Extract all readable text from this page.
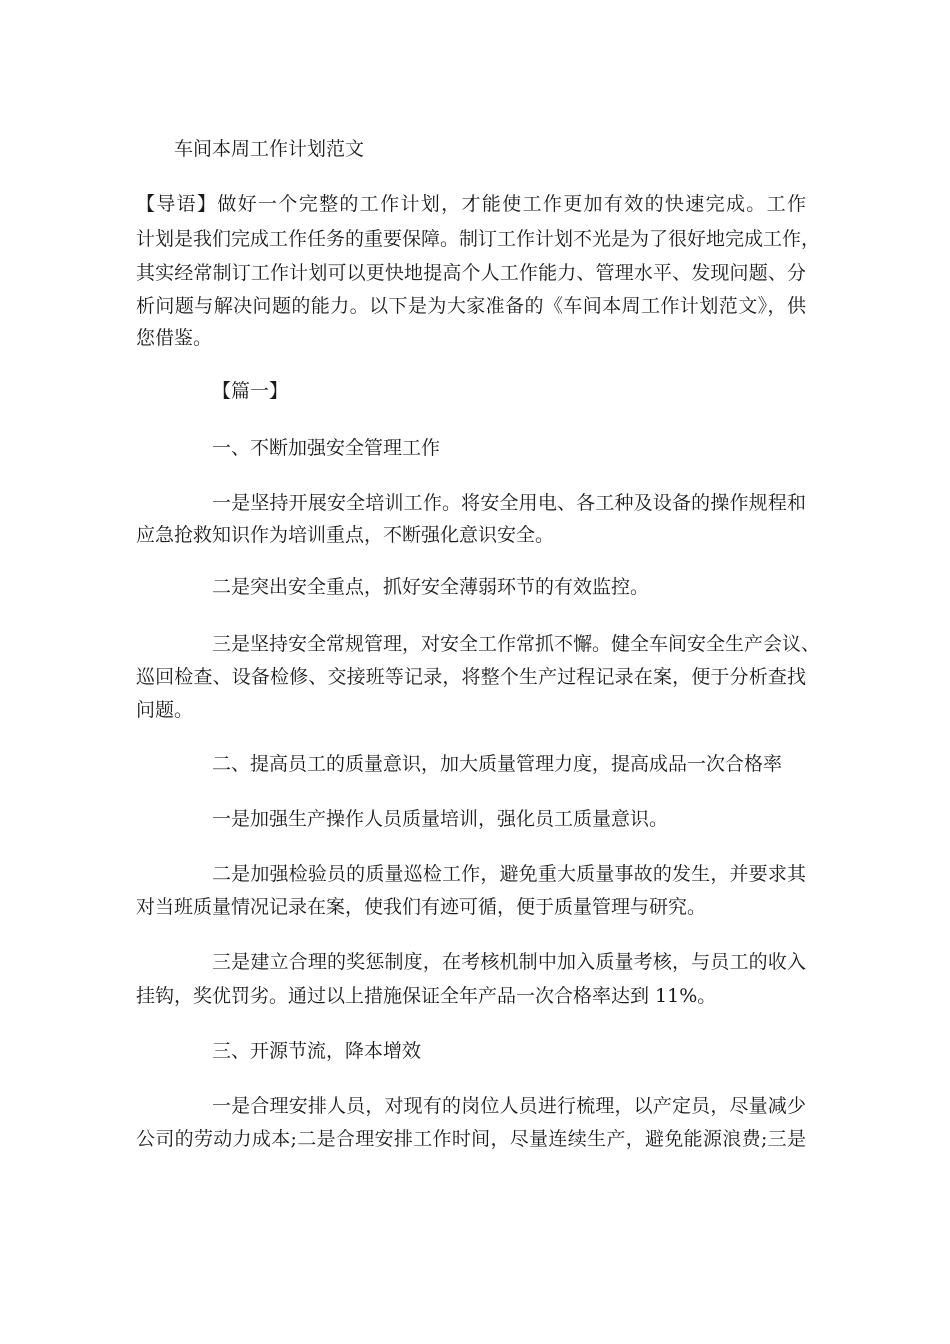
车间本周工作计划范文
【导语】做好一个完整的工作计划，才能使工作更加有效的快速完成。工作
计划是我们完成工作任务的重要保障。制订工作计划不光是为了很好地完成工作，
其实经常制订工作计划可以更快地提高个人工作能力、管理水平、发现问题、分
析问题与解决问题的能力。以下是为大家准备的《车间本周工作计划范文》，供
您借鉴。
【篇一】
一、不断加强安全管理工作
一是坚持开展安全培训工作。将安全用电、各工种及设备的操作规程和
应急抢救知识作为培训重点，不断强化意识安全。
二是突出安全重点，抓好安全薄弱环节的有效监控。
三是坚持安全常规管理，对安全工作常抓不懈。健全车间安全生产会议、
巡回检查、设备检修、交接班等记录，将整个生产过程记录在案，便于分析查找
问题。
二、提高员工的质量意识，加大质量管理力度，提高成品一次合格率
一是加强生产操作人员质量培训，强化员工质量意识。
二是加强检验员的质量巡检工作，避免重大质量事故的发生，并要求其
对当班质量情况记录在案，使我们有迹可循，便于质量管理与研究。
三是建立合理的奖惩制度，在考核机制中加入质量考核，与员工的收入
挂钩，奖优罚劣。通过以上措施保证全年产品一次合格率达到 11%。
三、开源节流，降本增效
一是合理安排人员，对现有的岗位人员进行梳理，以产定员，尽量减少
公司的劳动力成本;二是合理安排工作时间，尽量连续生产，避免能源浪费;三是
